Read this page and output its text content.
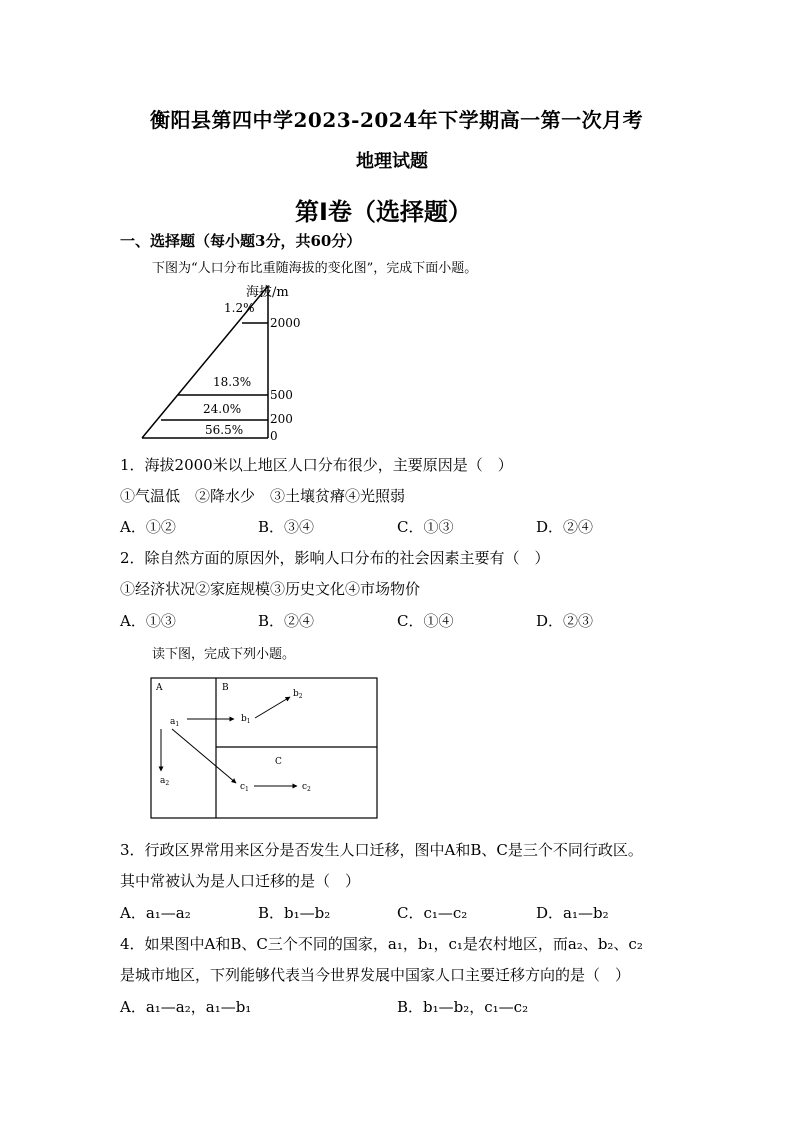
衡阳县第四中学2023-2024年下学期高一第一次月考
地理试题
第Ⅰ卷（选择题）
一、选择题（每小题3分，共60分）
下图为“人口分布比重随海拔的变化图”，完成下面小题。
海拔/m
2000
500
200
0
1.2%
18.3%
24.0%
56.5%
1．海拔2000米以上地区人口分布很少，主要原因是（　）
①气温低　②降水少　③土壤贫瘠④光照弱
A．①②	B．③④	C．①③	D．②④
2．除自然方面的原因外，影响人口分布的社会因素主要有（　）
①经济状况②家庭规模③历史文化④市场物价
A．①③	B．②④	C．①④	D．②③
读下图，完成下列小题。
A	B
C
$a_1$
$a_2$
$b_1$
$b_2$
$c_1$	$c_2$
3．行政区界常用来区分是否发生人口迁移，图中A和B、C是三个不同行政区。
其中常被认为是人口迁移的是（　）
A．a₁—a₂	B．b₁—b₂	C．c₁—c₂	D．a₁—b₂
4．如果图中A和B、C三个不同的国家，a₁，b₁，c₁是农村地区，而a₂、b₂、c₂
是城市地区，下列能够代表当今世界发展中国家人口主要迁移方向的是（　）
A．a₁—a₂，a₁—b₁	B．b₁—b₂，c₁—c₂
